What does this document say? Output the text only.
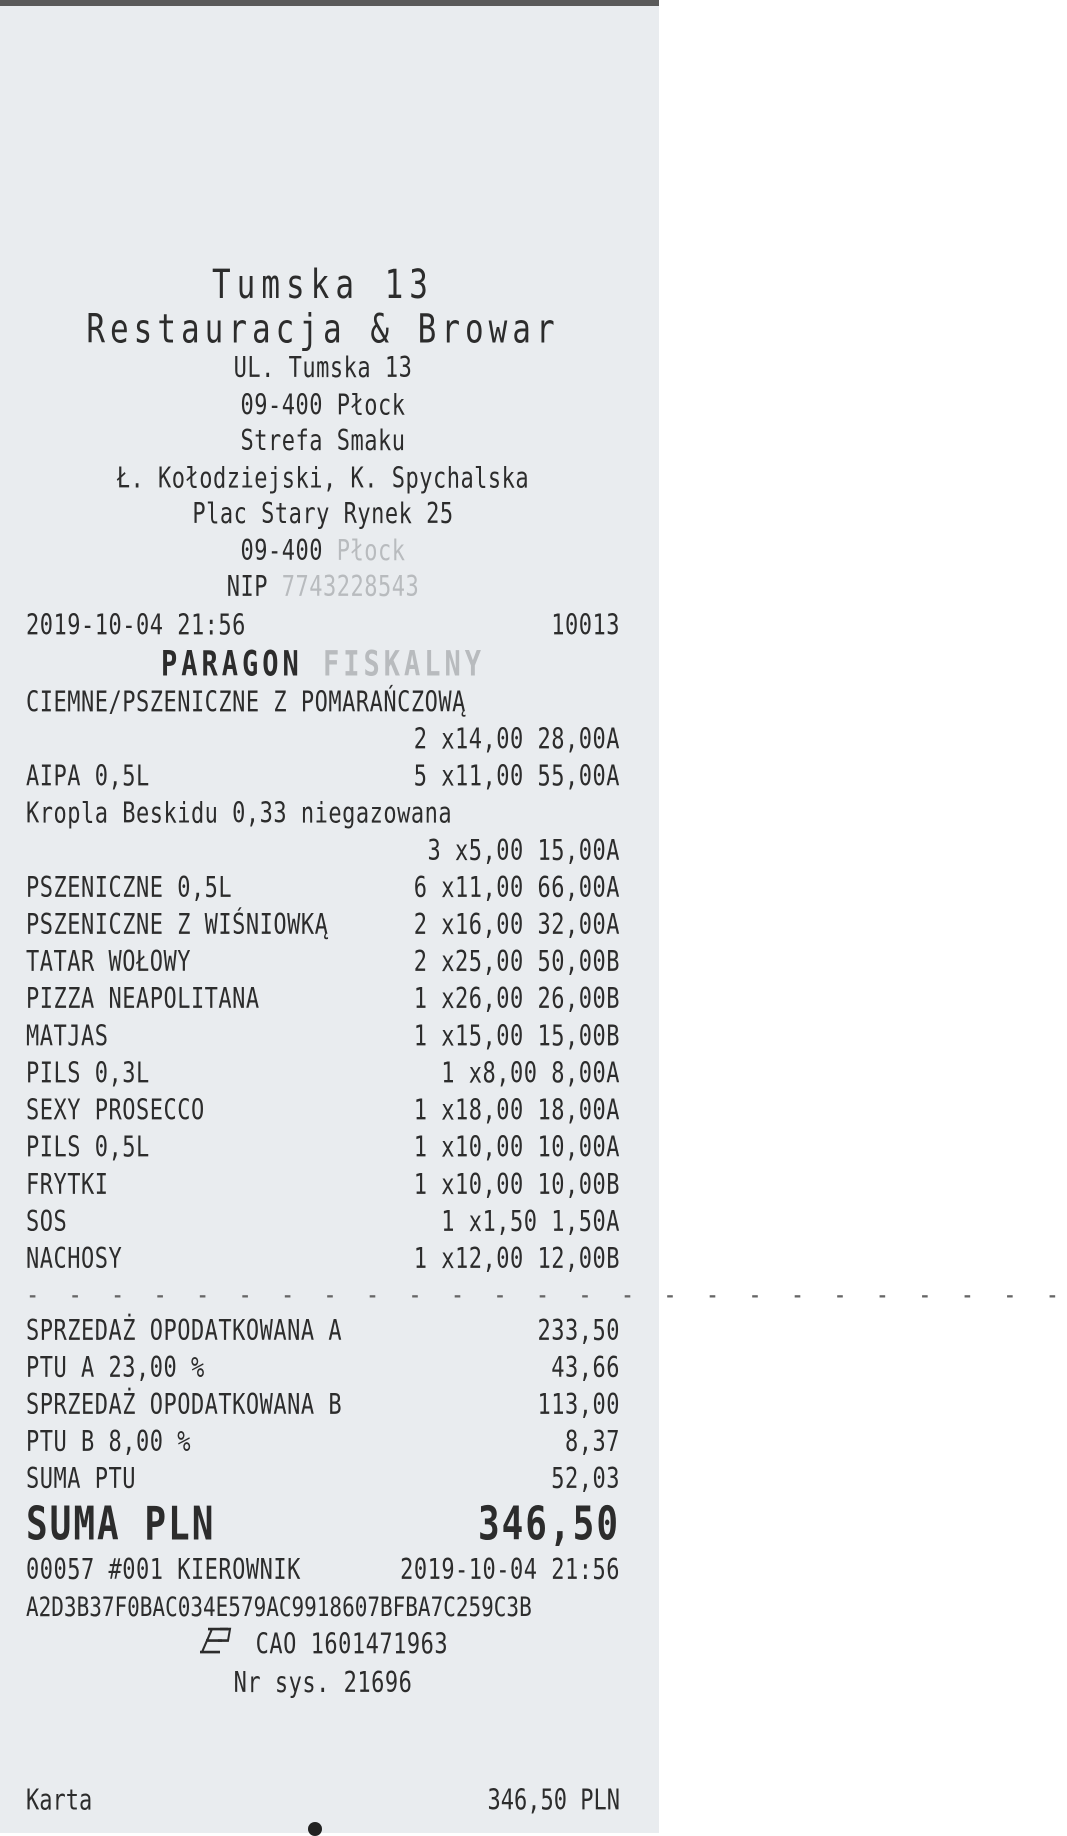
Tumska 13
Restauracja & Browar
UL. Tumska 13
09-400 Płock
Strefa Smaku
Ł. Kołodziejski, K. Spychalska
Plac Stary Rynek 25
09-400 Płock
NIP 7743228543
2019-10-04 21:56	10013
PARAGON FISKALNY
CIEMNE/PSZENICZNE Z POMARAŃCZOWĄ
2 x14,00 28,00A
AIPA 0,5L	5 x11,00 55,00A
Kropla Beskidu 0,33 niegazowana
3 x5,00 15,00A
PSZENICZNE 0,5L	6 x11,00 66,00A
PSZENICZNE Z WIŚNIOWKĄ	2 x16,00 32,00A
TATAR WOŁOWY	2 x25,00 50,00B
PIZZA NEAPOLITANA	1 x26,00 26,00B
MATJAS	1 x15,00 15,00B
PILS 0,3L	1 x8,00 8,00A
SEXY PROSECCO	1 x18,00 18,00A
PILS 0,5L	1 x10,00 10,00A
FRYTKI	1 x10,00 10,00B
SOS	1 x1,50 1,50A
NACHOSY	1 x12,00 12,00B
- - - - - - - - - - - - - - - - - - - - - - - - -
SPRZEDAŻ OPODATKOWANA A	233,50
PTU A 23,00 %	43,66
SPRZEDAŻ OPODATKOWANA B	113,00
PTU B 8,00 %	8,37
SUMA PTU	52,03
SUMA PLN	346,50
00057 #001 KIEROWNIK	2019-10-04 21:56
A2D3B37F0BAC034E579AC9918607BFBA7C259C3B
CAO 1601471963
Nr sys. 21696
Karta	346,50 PLN
